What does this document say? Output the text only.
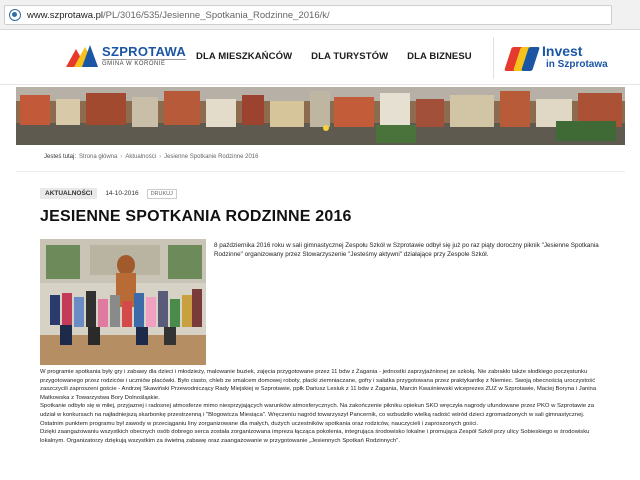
www.szprotawa.pl /PL/3016/535/Jesienne_Spotkania_Rodzinne_2016/k/
SZPROTAWA
GMINA W KORONIE
DLA MIESZKAŃCÓW DLA TURYSTÓW DLA BIZNESU	Invest
in Szprotawa
Jesteś tutaj: Strona główna › Aktualności › Jesienne Spotkanie Rodzinne 2016
AKTUALNOŚCI	14-10-2016	DRUKUJ
JESIENNE SPOTKANIA RODZINNE 2016

8 października 2016 roku w sali gimnastycznej Zespołu Szkół w Szprotawie odbył się już po raz piąty doroczny piknik "Jesienne Spotkania Rodzinne" organizowany przez Stowarzyszenie "Jesteśmy aktywni" działające przy Zespole Szkół.

W programie spotkania były gry i zabawy dla dzieci i młodzieży, malowanie buziek, zajęcia przygotowane przez 11 bdw z Żagania - jednostki zaprzyjaźnionej ze szkołą. Nie zabrakło także słodkiego poczęstunku przygotowanego przez rodziców i uczniów placówki. Było ciasto, chleb ze smalcem domowej roboty, placki ziemniaczane, gofry i sałatka przygotowana przez praktykantkę z Niemiec. Swoją obecnością uroczystość zaszczycili zaproszeni goście - Andrzej Skawiński Przewodniczący Rady Miejskiej w Szprotawie, ppłk Dariusz Lesiuk z 11 bdw z Żagania, Marcin Kwaśniewski wiceprezes ZUZ w Szprotawie, Maciej Boryna i Janina Matkowska z Towarzystwa Bory Dolnośląskie.

Spotkanie odbyło się w miłej, przyjaznej i radosnej atmosferze mimo niesprzyjających warunków atmosferycznych. Na zakończenie pikniku opiekun SKO wręczyła nagrody ufundowane przez PKO w Szprotawie za udział w konkursach na najładniejszą skarbonkę przestrzenną i "Blogowicza Miesiąca". Wręczeniu nagród towarzyszył Pancernik, co wzbudziło wielką radość wśród dzieci zgromadzonych w sali gimnastycznej.

Ostatnim punktem programu był zawody w przeciąganiu liny zorganizowane dla małych, dużych uczestników spotkania oraz rodziców, nauczycieli i zaproszonych gości.

Dzięki zaangażowaniu wszystkich obecnych osób dobrego serca została zorganizowana impreza łącząca pokolenia, integrująca środowisko lokalne i promująca Zespół Szkół przy ulicy Sobieskiego w środowisku lokalnym. Organizatorzy dziękują wszystkim za świetną zabawę oraz zaangażowanie w przygotowanie „Jesiennych Spotkań Rodzinnych".
